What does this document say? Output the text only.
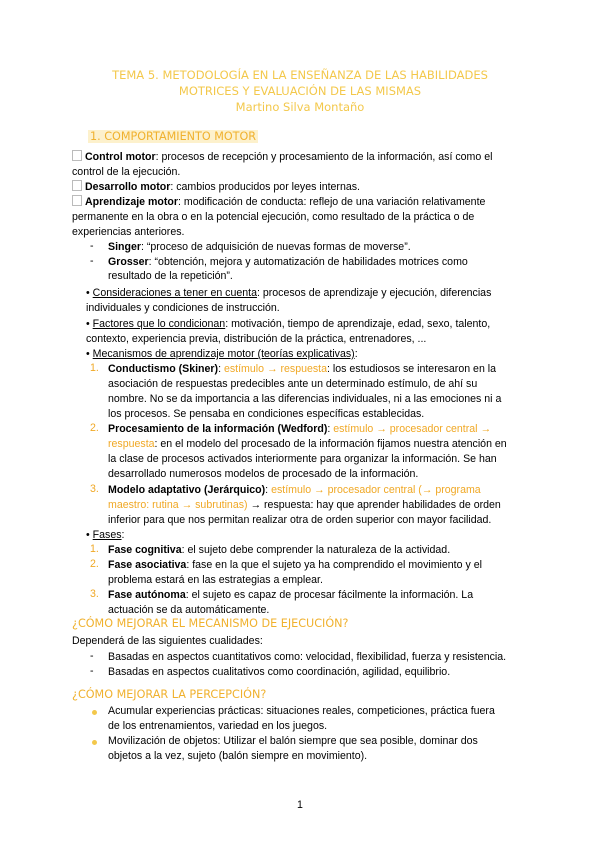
TEMA 5. METODOLOGÍA EN LA ENSEÑANZA DE LAS HABILIDADES
MOTRICES Y EVALUACIÓN DE LAS MISMAS
Martino Silva Montaño
1. COMPORTAMIENTO MOTOR
Control motor: procesos de recepción y procesamiento de la información, así como el
control de la ejecución.
Desarrollo motor: cambios producidos por leyes internas.
Aprendizaje motor: modificación de conducta: reflejo de una variación relativamente
permanente en la obra o en la potencial ejecución, como resultado de la práctica o de
experiencias anteriores.
- Singer: “proceso de adquisición de nuevas formas de moverse”.
- Grosser: “obtención, mejora y automatización de habilidades motrices como
resultado de la repetición”.
• Consideraciones a tener en cuenta: procesos de aprendizaje y ejecución, diferencias
individuales y condiciones de instrucción.
• Factores que lo condicionan: motivación, tiempo de aprendizaje, edad, sexo, talento,
contexto, experiencia previa, distribución de la práctica, entrenadores, ...
• Mecanismos de aprendizaje motor (teorías explicativas):
1. Conductismo (Skiner): estímulo → respuesta: los estudiosos se interesaron en la
asociación de respuestas predecibles ante un determinado estímulo, de ahí su
nombre. No se da importancia a las diferencias individuales, ni a las emociones ni a
los procesos. Se pensaba en condiciones específicas establecidas.
2. Procesamiento de la información (Wedford): estímulo → procesador central →
respuesta: en el modelo del procesado de la información fijamos nuestra atención en
la clase de procesos activados interiormente para organizar la información. Se han
desarrollado numerosos modelos de procesado de la información.
3. Modelo adaptativo (Jerárquico): estímulo → procesador central (→ programa
maestro: rutina → subrutinas) → respuesta: hay que aprender habilidades de orden
inferior para que nos permitan realizar otra de orden superior con mayor facilidad.
• Fases:
1. Fase cognitiva: el sujeto debe comprender la naturaleza de la actividad.
2. Fase asociativa: fase en la que el sujeto ya ha comprendido el movimiento y el
problema estará en las estrategias a emplear.
3. Fase autónoma: el sujeto es capaz de procesar fácilmente la información. La
actuación se da automáticamente.
¿CÓMO MEJORAR EL MECANISMO DE EJECUCIÓN?
Dependerá de las siguientes cualidades:
- Basadas en aspectos cuantitativos como: velocidad, flexibilidad, fuerza y resistencia.
- Basadas en aspectos cualitativos como coordinación, agilidad, equilibrio.
¿CÓMO MEJORAR LA PERCEPCIÓN?
Acumular experiencias prácticas: situaciones reales, competiciones, práctica fuera
de los entrenamientos, variedad en los juegos.
Movilización de objetos: Utilizar el balón siempre que sea posible, dominar dos
objetos a la vez, sujeto (balón siempre en movimiento).
1
